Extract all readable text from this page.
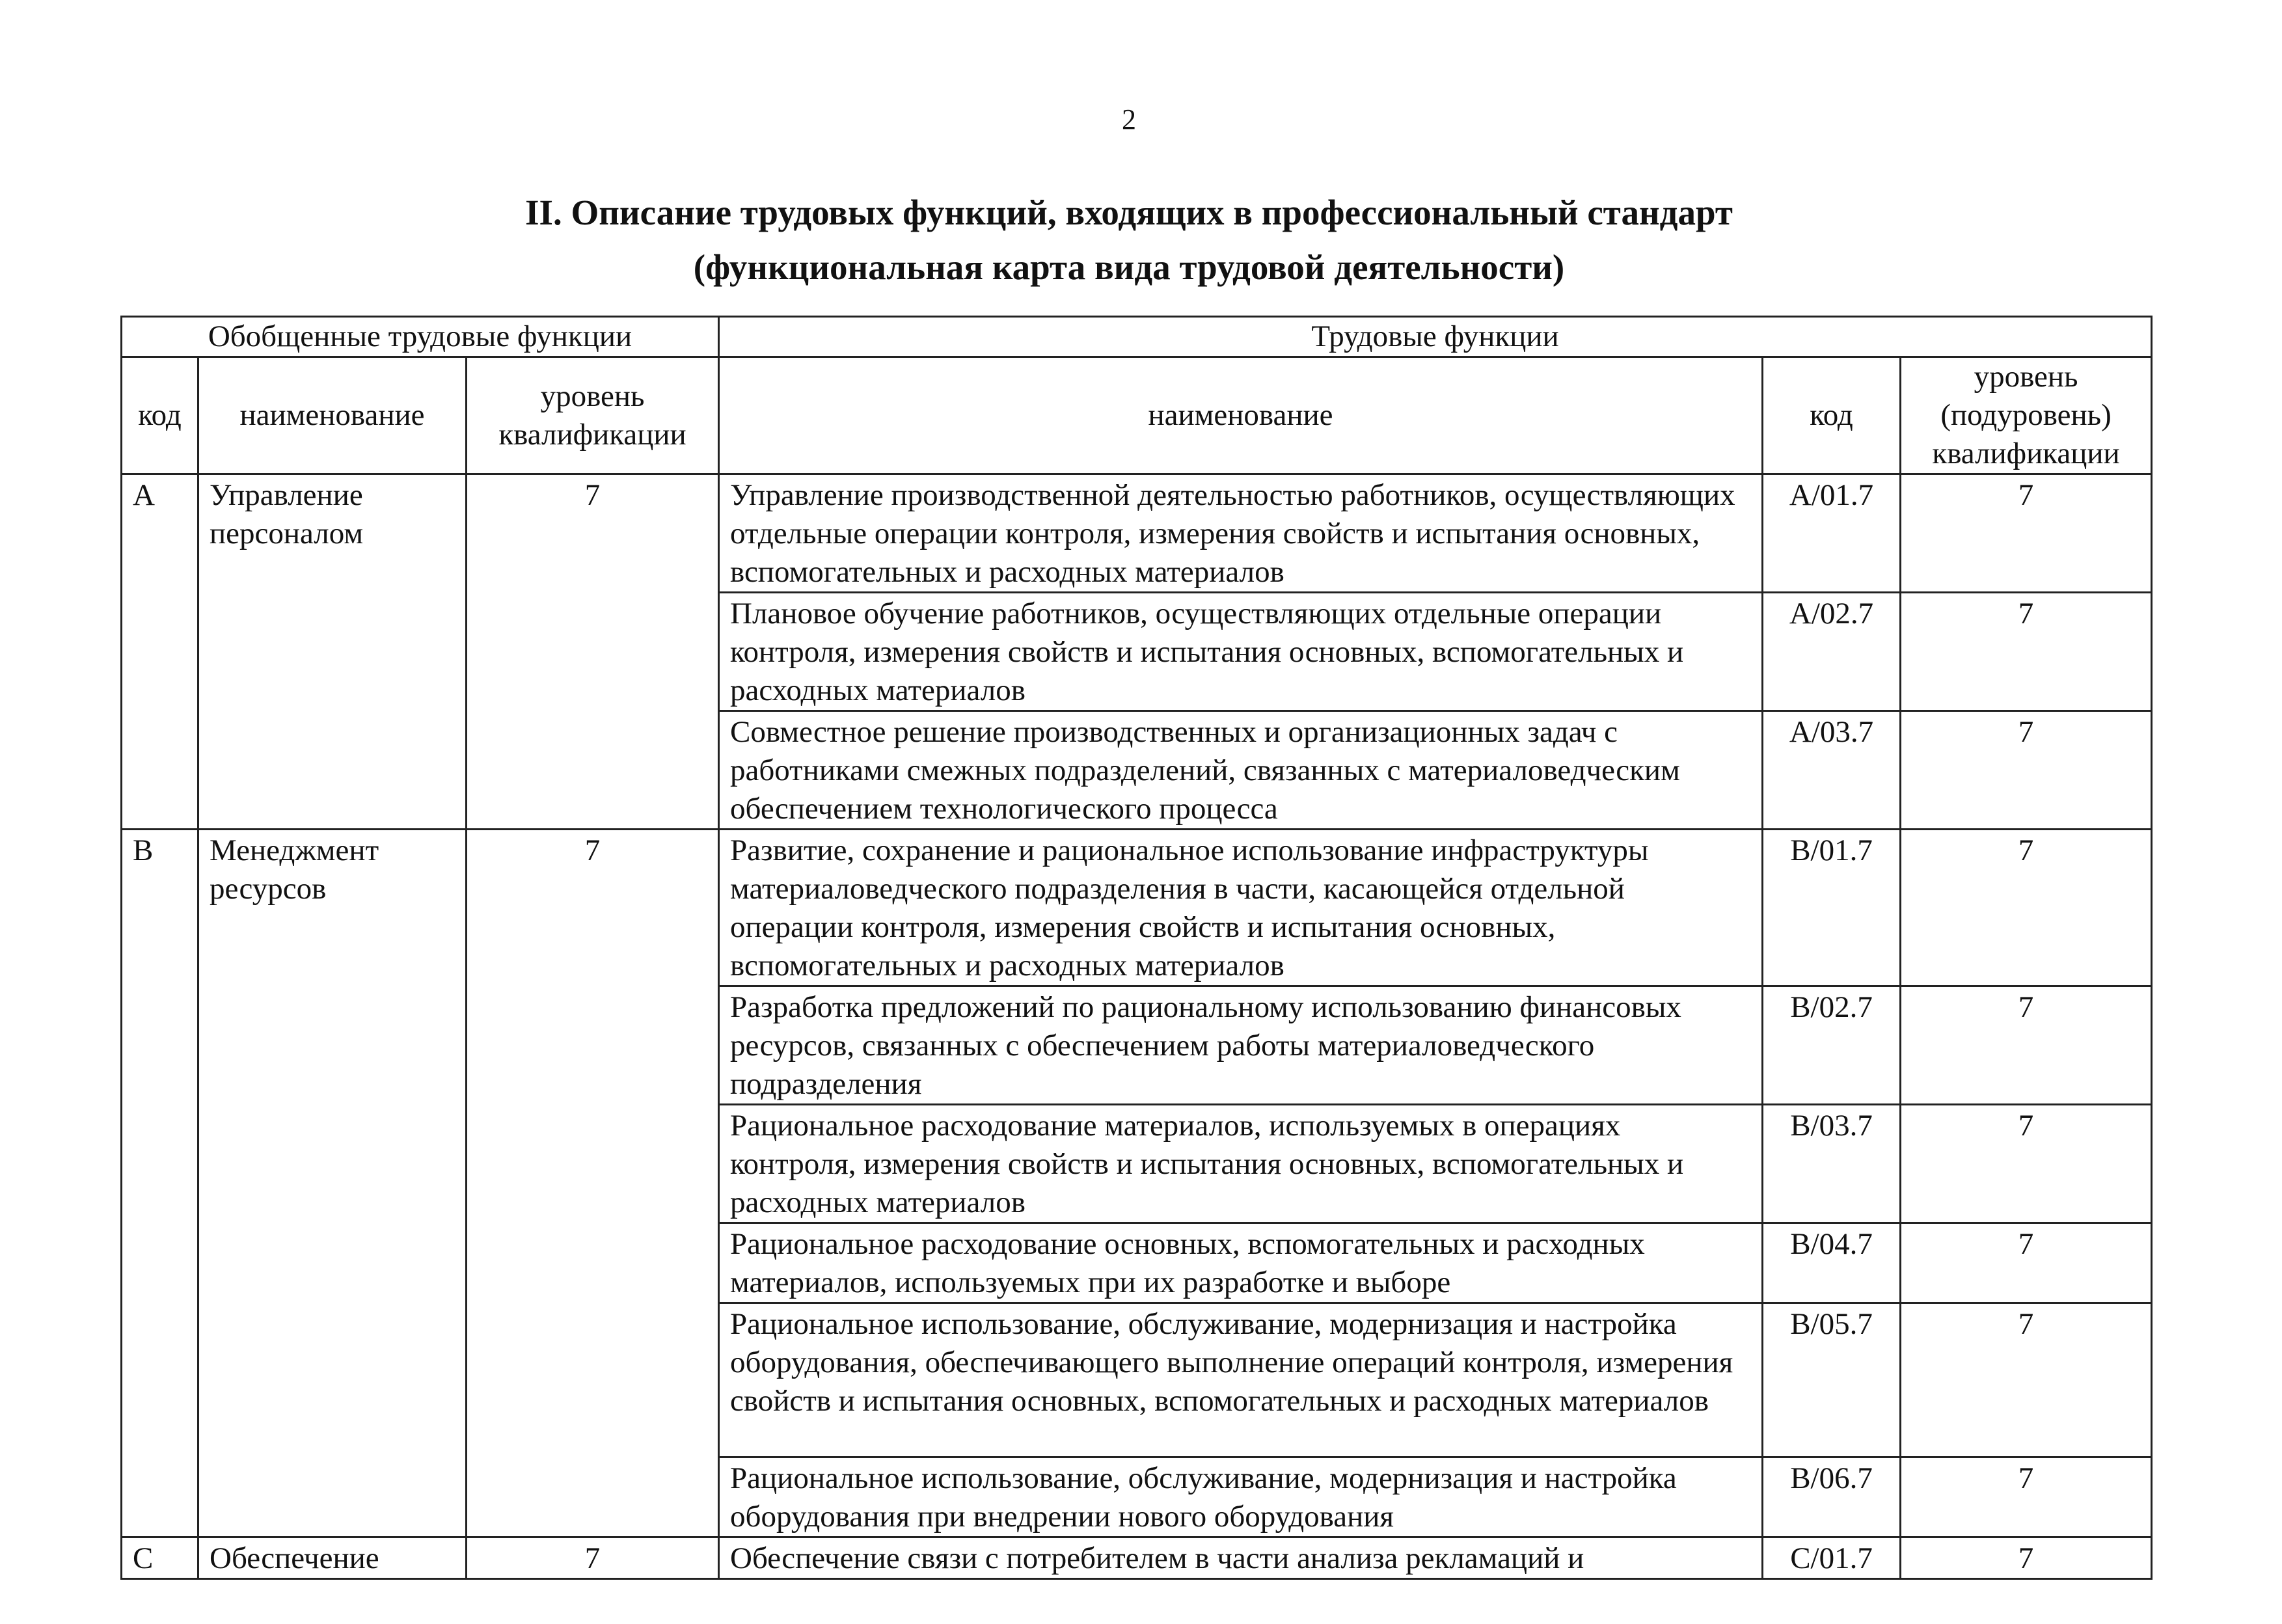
2
II. Описание трудовых функций, входящих в профессиональный стандарт
(функциональная карта вида трудовой деятельности)
Обобщенные трудовые функции			Трудовые функции		
код	наименование	уровень квалификации	наименование	код	уровень (подуровень) квалификации
A	Управление персоналом	7	Управление производственной деятельностью работников, осуществляющих отдельные операции контроля, измерения свойств и испытания основных, вспомогательных и расходных материалов	A/01.7	7
			Плановое обучение работников, осуществляющих отдельные операции контроля, измерения свойств и испытания основных, вспомогательных и расходных материалов	A/02.7	7
			Совместное решение производственных и организационных задач с работниками смежных подразделений, связанных с материаловедческим обеспечением технологического процесса	A/03.7	7
B	Менеджмент ресурсов	7	Развитие, сохранение и рациональное использование инфраструктуры материаловедческого подразделения в части, касающейся отдельной операции контроля, измерения свойств и испытания основных, вспомогательных и расходных материалов	B/01.7	7
			Разработка предложений по рациональному использованию финансовых ресурсов, связанных с обеспечением работы материаловедческого подразделения	B/02.7	7
			Рациональное расходование материалов, используемых в операциях контроля, измерения свойств и испытания основных, вспомогательных и расходных материалов	B/03.7	7
			Рациональное расходование основных, вспомогательных и расходных материалов, используемых при их разработке и выборе	B/04.7	7
			Рациональное использование, обслуживание, модернизация и настройка оборудования, обеспечивающего выполнение операций контроля, измерения свойств и испытания основных, вспомогательных и расходных материалов	B/05.7	7
			Рациональное использование, обслуживание, модернизация и настройка оборудования при внедрении нового оборудования	B/06.7	7
C	Обеспечение	7	Обеспечение связи с потребителем в части анализа рекламаций и	C/01.7	7
